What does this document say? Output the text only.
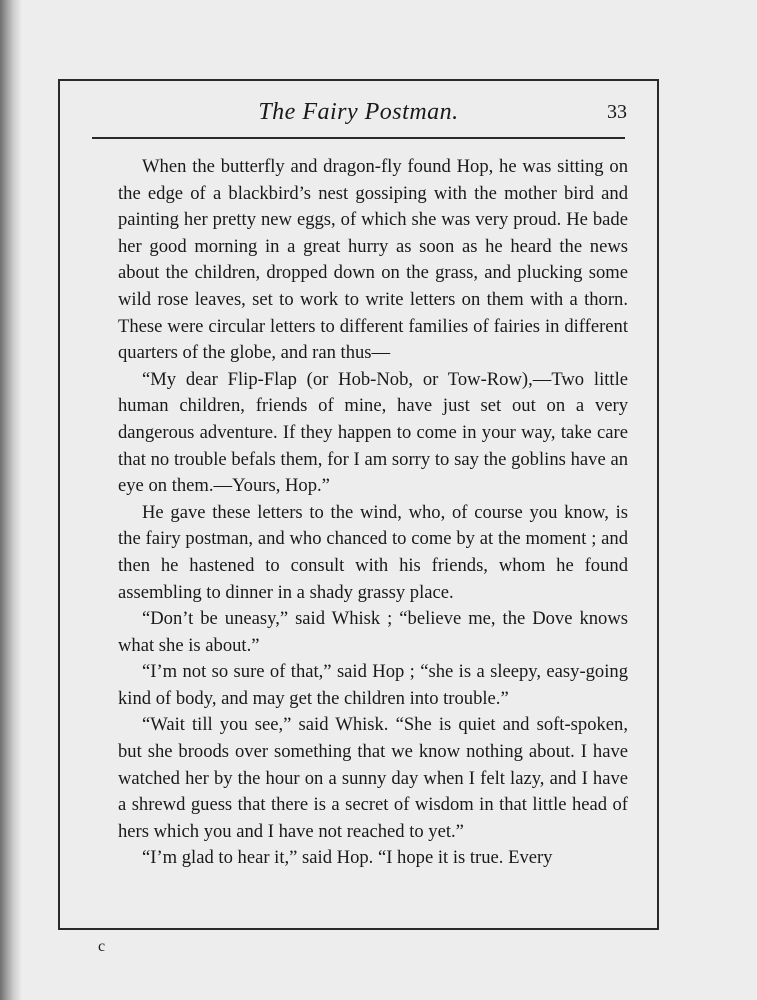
The Fairy Postman.	33

When the butterfly and dragon-fly found Hop, he was sitting on the edge of a blackbird’s nest gossiping with the mother bird and painting her pretty new eggs, of which she was very proud. He bade her good morning in a great hurry as soon as he heard the news about the children, dropped down on the grass, and plucking some wild rose leaves, set to work to write letters on them with a thorn. These were circular letters to different families of fairies in different quarters of the globe, and ran thus—

“My dear Flip-Flap (or Hob-Nob, or Tow-Row),—Two little human children, friends of mine, have just set out on a very dangerous adventure. If they happen to come in your way, take care that no trouble befals them, for I am sorry to say the goblins have an eye on them.—Yours, Hop.”

He gave these letters to the wind, who, of course you know, is the fairy postman, and who chanced to come by at the moment ; and then he hastened to consult with his friends, whom he found assembling to dinner in a shady grassy place.

“Don’t be uneasy,” said Whisk ; “believe me, the Dove knows what she is about.”

“I’m not so sure of that,” said Hop ; “she is a sleepy, easy-going kind of body, and may get the children into trouble.”

“Wait till you see,” said Whisk. “She is quiet and soft-spoken, but she broods over something that we know nothing about. I have watched her by the hour on a sunny day when I felt lazy, and I have a shrewd guess that there is a secret of wisdom in that little head of hers which you and I have not reached to yet.”

“I’m glad to hear it,” said Hop. “I hope it is true. Every

c
